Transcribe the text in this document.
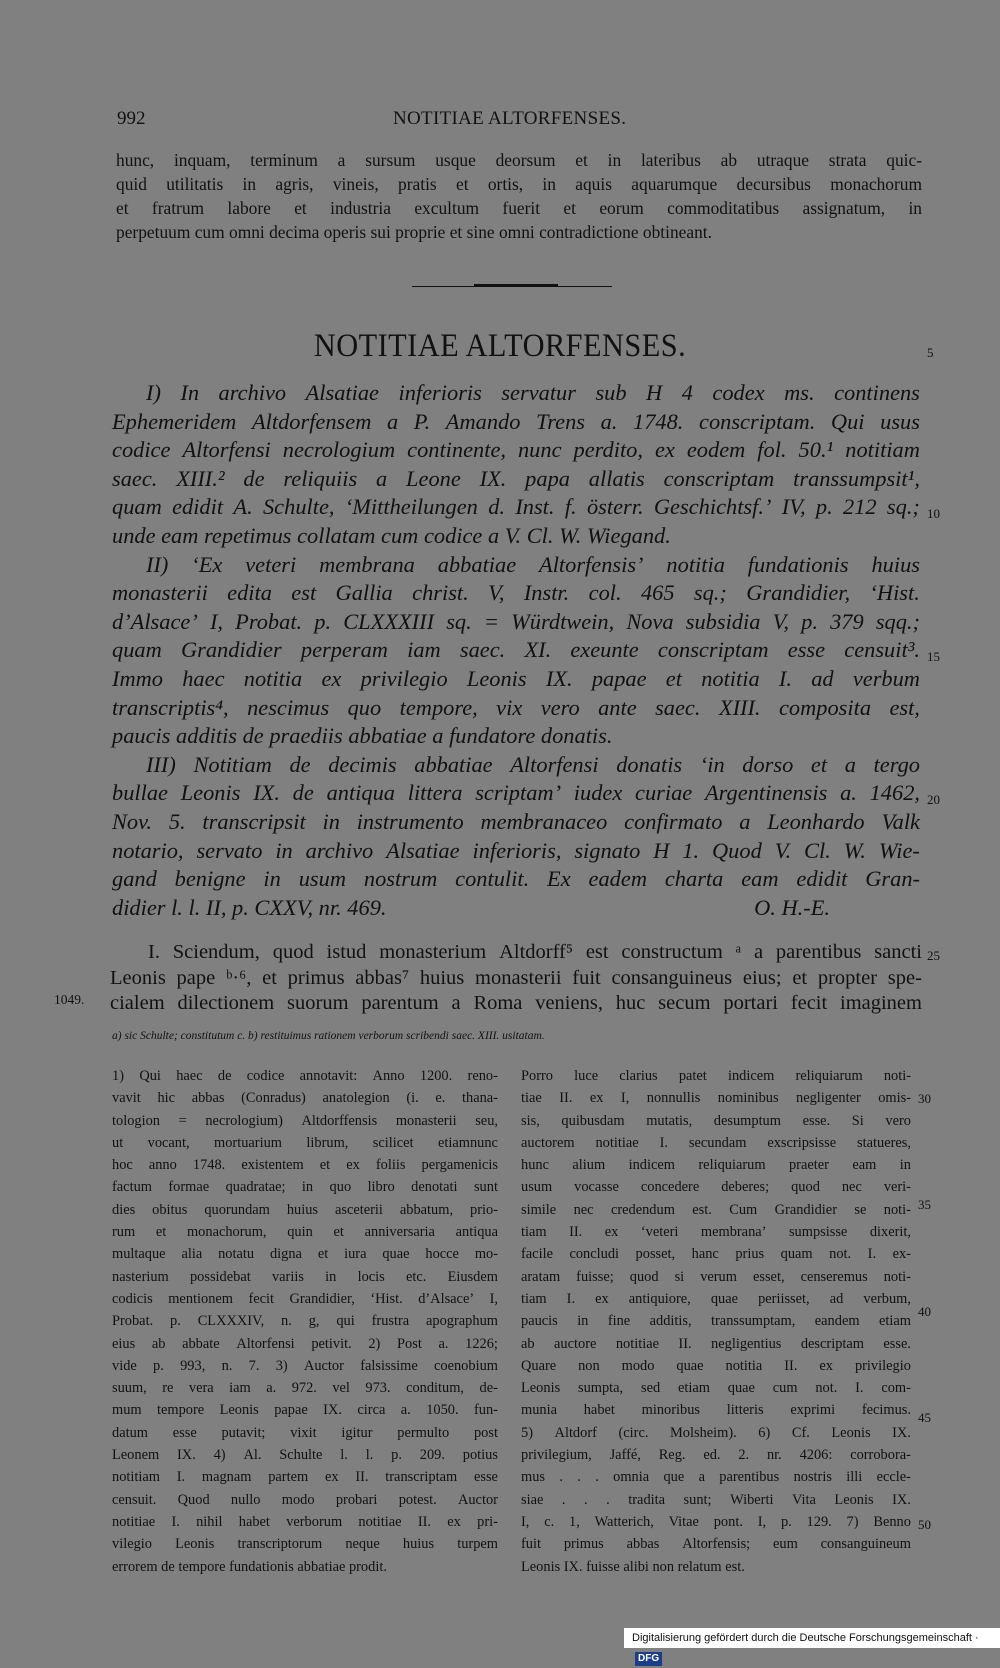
992	NOTITIAE ALTORFENSES.
hunc, inquam, terminum a sursum usque deorsum et in lateribus ab utraque strata quic-
quid utilitatis in agris, vineis, pratis et ortis, in aquis aquarumque decursibus monachorum
et fratrum labore et industria excultum fuerit et eorum commoditatibus assignatum, in
perpetuum cum omni decima operis sui proprie et sine omni contradictione obtineant.
NOTITIAE ALTORFENSES.
I) In archivo Alsatiae inferioris servatur sub H 4 codex ms. continens
Ephemeridem Altdorfensem a P. Amando Trens a. 1748. conscriptam. Qui usus
codice Altorfensi necrologium continente, nunc perdito, ex eodem fol. 50.¹ notitiam
saec. XIII.² de reliquiis a Leone IX. papa allatis conscriptam transsumpsit¹,
quam edidit A. Schulte, ‘Mittheilungen d. Inst. f. österr. Geschichtsf.’ IV, p. 212 sq.;
unde eam repetimus collatam cum codice a V. Cl. W. Wiegand.
II) ‘Ex veteri membrana abbatiae Altorfensis’ notitia fundationis huius
monasterii edita est Gallia christ. V, Instr. col. 465 sq.; Grandidier, ‘Hist.
d’Alsace’ I, Probat. p. CLXXXIII sq. = Würdtwein, Nova subsidia V, p. 379 sqq.;
quam Grandidier perperam iam saec. XI. exeunte conscriptam esse censuit³.
Immo haec notitia ex privilegio Leonis IX. papae et notitia I. ad verbum
transcriptis⁴, nescimus quo tempore, vix vero ante saec. XIII. composita est,
paucis additis de praediis abbatiae a fundatore donatis.
III) Notitiam de decimis abbatiae Altorfensi donatis ‘in dorso et a tergo
bullae Leonis IX. de antiqua littera scriptam’ iudex curiae Argentinensis a. 1462,
Nov. 5. transcripsit in instrumento membranaceo confirmato a Leonhardo Valk
notario, servato in archivo Alsatiae inferioris, signato H 1. Quod V. Cl. W. Wie-
gand benigne in usum nostrum contulit. Ex eadem charta eam edidit Gran-
didier l. l. II, p. CXXV, nr. 469.	O. H.-E.
I. Sciendum, quod istud monasterium Altdorff⁵ est constructum ᵃ a parentibus sancti
Leonis pape ᵇ·⁶, et primus abbas⁷ huius monasterii fuit consanguineus eius; et propter spe-
cialem dilectionem suorum parentum a Roma veniens, huc secum portari fecit imaginem
1049.
5
10
15
20
25
30
35
40
45
50
a) sic Schulte; constitutum c. b) restituimus rationem verborum scribendi saec. XIII. usitatam.
1) Qui haec de codice annotavit: Anno 1200. reno-
vavit hic abbas (Conradus) anatolegion (i. e. thana-
tologion = necrologium) Altdorffensis monasterii seu,
ut vocant, mortuarium librum, scilicet etiamnunc
hoc anno 1748. existentem et ex foliis pergamenicis
factum formae quadratae; in quo libro denotati sunt
dies obitus quorundam huius asceterii abbatum, prio-
rum et monachorum, quin et anniversaria antiqua
multaque alia notatu digna et iura quae hocce mo-
nasterium possidebat variis in locis etc. Eiusdem
codicis mentionem fecit Grandidier, ‘Hist. d’Alsace’ I,
Probat. p. CLXXXIV, n. g, qui frustra apographum
eius ab abbate Altorfensi petivit. 2) Post a. 1226;
vide p. 993, n. 7. 3) Auctor falsissime coenobium
suum, re vera iam a. 972. vel 973. conditum, de-
mum tempore Leonis papae IX. circa a. 1050. fun-
datum esse putavit; vixit igitur permulto post
Leonem IX. 4) Al. Schulte l. l. p. 209. potius
notitiam I. magnam partem ex II. transcriptam esse
censuit. Quod nullo modo probari potest. Auctor
notitiae I. nihil habet verborum notitiae II. ex pri-
vilegio Leonis transcriptorum neque huius turpem
errorem de tempore fundationis abbatiae prodit.
Porro luce clarius patet indicem reliquiarum noti-
tiae II. ex I, nonnullis nominibus negligenter omis-
sis, quibusdam mutatis, desumptum esse. Si vero
auctorem notitiae I. secundam exscripsisse statueres,
hunc alium indicem reliquiarum praeter eam in
usum vocasse concedere deberes; quod nec veri-
simile nec credendum est. Cum Grandidier se noti-
tiam II. ex ‘veteri membrana’ sumpsisse dixerit,
facile concludi posset, hanc prius quam not. I. ex-
aratam fuisse; quod si verum esset, censeremus noti-
tiam I. ex antiquiore, quae periisset, ad verbum,
paucis in fine additis, transsumptam, eandem etiam
ab auctore notitiae II. negligentius descriptam esse.
Quare non modo quae notitia II. ex privilegio
Leonis sumpta, sed etiam quae cum not. I. com-
munia habet minoribus litteris exprimi fecimus.
5) Altdorf (circ. Molsheim). 6) Cf. Leonis IX.
privilegium, Jaffé, Reg. ed. 2. nr. 4206: corrobora-
mus . . . omnia que a parentibus nostris illi eccle-
siae . . . tradita sunt; Wiberti Vita Leonis IX.
I, c. 1, Watterich, Vitae pont. I, p. 129. 7) Benno
fuit primus abbas Altorfensis; eum consanguineum
Leonis IX. fuisse alibi non relatum est.
Digitalisierung gefördert durch die Deutsche Forschungsgemeinschaft ·DFG
